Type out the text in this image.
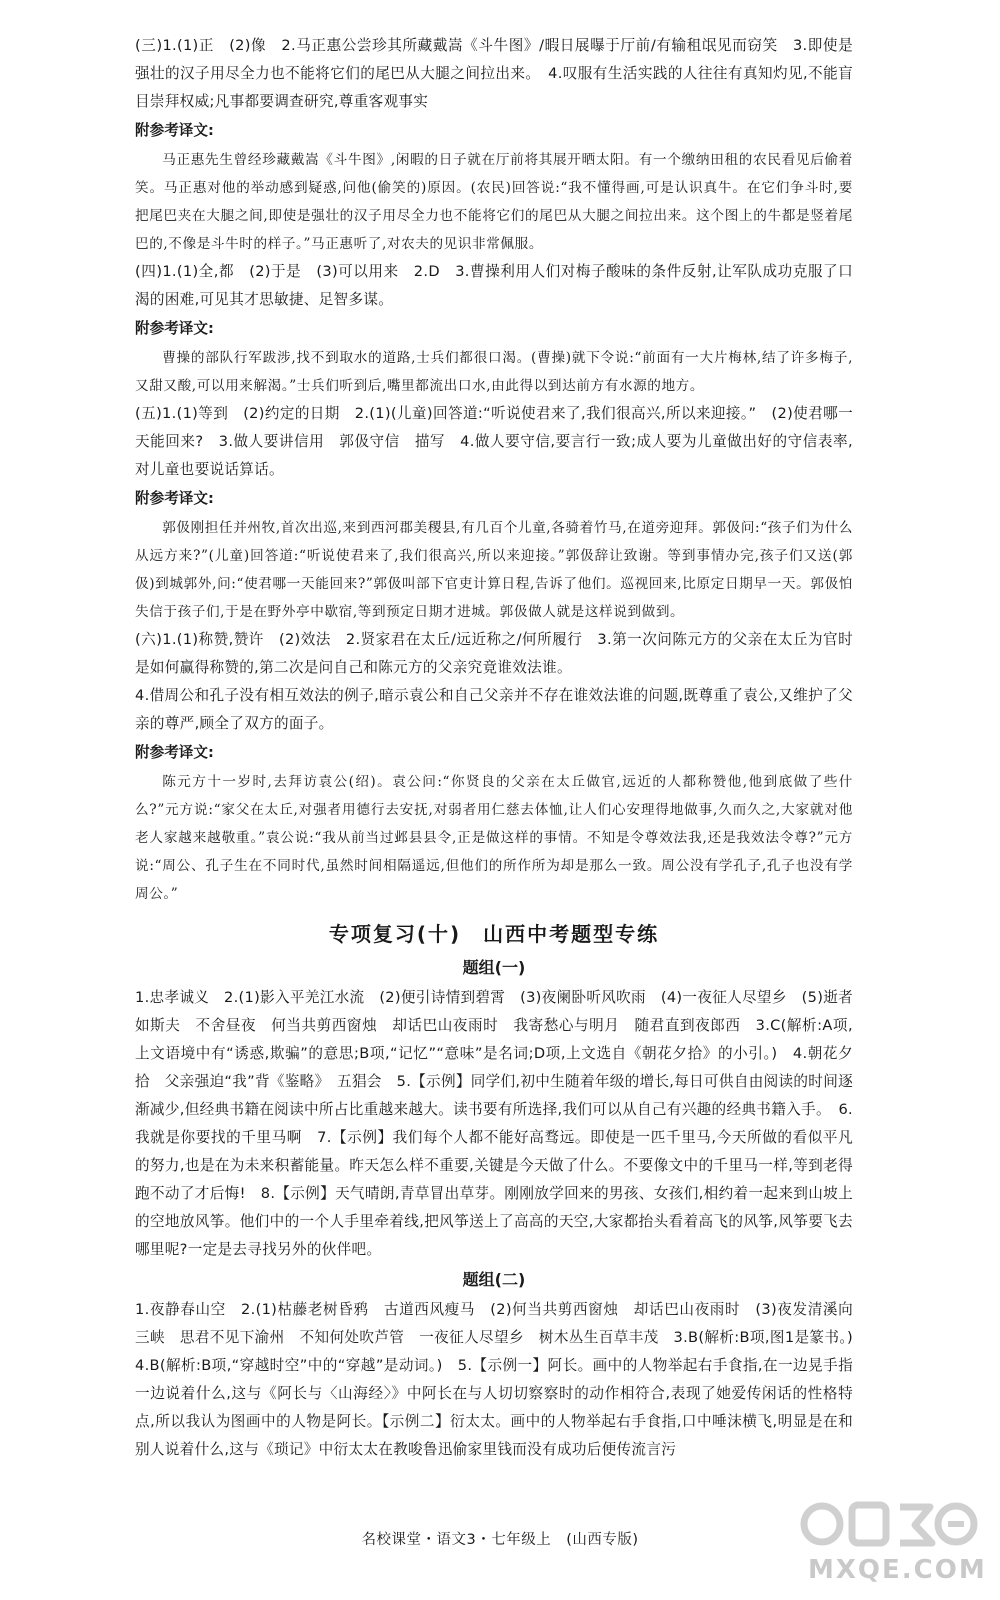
(三)1.(1)正　(2)像　2.马正惠公尝珍其所藏戴嵩《斗牛图》/暇日展曝于厅前/有输租氓见而窃笑　3.即使是强壮的汉子用尽全力也不能将它们的尾巴从大腿之间拉出来。　4.叹服有生活实践的人往往有真知灼见,不能盲目崇拜权威;凡事都要调查研究,尊重客观事实

附参考译文:

马正惠先生曾经珍藏戴嵩《斗牛图》,闲暇的日子就在厅前将其展开晒太阳。有一个缴纳田租的农民看见后偷着笑。马正惠对他的举动感到疑惑,问他(偷笑的)原因。(农民)回答说:“我不懂得画,可是认识真牛。在它们争斗时,要把尾巴夹在大腿之间,即使是强壮的汉子用尽全力也不能将它们的尾巴从大腿之间拉出来。这个图上的牛都是竖着尾巴的,不像是斗牛时的样子。”马正惠听了,对农夫的见识非常佩服。

(四)1.(1)全,都　(2)于是　(3)可以用来　2.D　3.曹操利用人们对梅子酸味的条件反射,让军队成功克服了口渴的困难,可见其才思敏捷、足智多谋。

附参考译文:

曹操的部队行军跋涉,找不到取水的道路,士兵们都很口渴。(曹操)就下令说:“前面有一大片梅林,结了许多梅子,又甜又酸,可以用来解渴。”士兵们听到后,嘴里都流出口水,由此得以到达前方有水源的地方。

(五)1.(1)等到　(2)约定的日期　2.(1)(儿童)回答道:“听说使君来了,我们很高兴,所以来迎接。”　(2)使君哪一天能回来?　3.做人要讲信用　郭伋守信　描写　4.做人要守信,要言行一致;成人要为儿童做出好的守信表率,对儿童也要说话算话。

附参考译文:

郭伋刚担任并州牧,首次出巡,来到西河郡美稷县,有几百个儿童,各骑着竹马,在道旁迎拜。郭伋问:“孩子们为什么从远方来?”(儿童)回答道:“听说使君来了,我们很高兴,所以来迎接。”郭伋辞让致谢。等到事情办完,孩子们又送(郭伋)到城郭外,问:“使君哪一天能回来?”郭伋叫部下官吏计算日程,告诉了他们。巡视回来,比原定日期早一天。郭伋怕失信于孩子们,于是在野外亭中歇宿,等到预定日期才进城。郭伋做人就是这样说到做到。

(六)1.(1)称赞,赞许　(2)效法　2.贤家君在太丘/远近称之/何所履行　3.第一次问陈元方的父亲在太丘为官时是如何赢得称赞的,第二次是问自己和陈元方的父亲究竟谁效法谁。

4.借周公和孔子没有相互效法的例子,暗示袁公和自己父亲并不存在谁效法谁的问题,既尊重了袁公,又维护了父亲的尊严,顾全了双方的面子。

附参考译文:

陈元方十一岁时,去拜访袁公(绍)。袁公问:“你贤良的父亲在太丘做官,远近的人都称赞他,他到底做了些什么?”元方说:“家父在太丘,对强者用德行去安抚,对弱者用仁慈去体恤,让人们心安理得地做事,久而久之,大家就对他老人家越来越敬重。”袁公说:“我从前当过邺县县令,正是做这样的事情。不知是令尊效法我,还是我效法令尊?”元方说:“周公、孔子生在不同时代,虽然时间相隔遥远,但他们的所作所为却是那么一致。周公没有学孔子,孔子也没有学周公。”

专项复习(十)　山西中考题型专练
题组(一)

1.忠孝诚义　2.(1)影入平羌江水流　(2)便引诗情到碧霄　(3)夜阑卧听风吹雨　(4)一夜征人尽望乡　(5)逝者如斯夫　不舍昼夜　何当共剪西窗烛　却话巴山夜雨时　我寄愁心与明月　随君直到夜郎西　3.C(解析:A项,上文语境中有“诱惑,欺骗”的意思;B项,“记忆”“意味”是名词;D项,上文选自《朝花夕拾》的小引。)　4.朝花夕拾　父亲强迫“我”背《鉴略》　五猖会　5.【示例】同学们,初中生随着年级的增长,每日可供自由阅读的时间逐渐减少,但经典书籍在阅读中所占比重越来越大。读书要有所选择,我们可以从自己有兴趣的经典书籍入手。　6.我就是你要找的千里马啊　7.【示例】我们每个人都不能好高骛远。即使是一匹千里马,今天所做的看似平凡的努力,也是在为未来积蓄能量。昨天怎么样不重要,关键是今天做了什么。不要像文中的千里马一样,等到老得跑不动了才后悔!　8.【示例】天气晴朗,青草冒出草芽。刚刚放学回来的男孩、女孩们,相约着一起来到山坡上的空地放风筝。他们中的一个人手里牵着线,把风筝送上了高高的天空,大家都抬头看着高飞的风筝,风筝要飞去哪里呢?一定是去寻找另外的伙伴吧。

题组(二)

1.夜静春山空　2.(1)枯藤老树昏鸦　古道西风瘦马　(2)何当共剪西窗烛　却话巴山夜雨时　(3)夜发清溪向三峡　思君不见下渝州　不知何处吹芦管　一夜征人尽望乡　树木丛生百草丰茂　3.B(解析:B项,图1是篆书。)　4.B(解析:B项,“穿越时空”中的“穿越”是动词。)　5.【示例一】阿长。画中的人物举起右手食指,在一边晃手指一边说着什么,这与《阿长与〈山海经〉》中阿长在与人切切察察时的动作相符合,表现了她爱传闲话的性格特点,所以我认为图画中的人物是阿长。【示例二】衍太太。画中的人物举起右手食指,口中唾沫横飞,明显是在和别人说着什么,这与《琐记》中衍太太在教唆鲁迅偷家里钱而没有成功后便传流言污

名校课堂・语文3・七年级上　(山西专版)
MXQE.COM
